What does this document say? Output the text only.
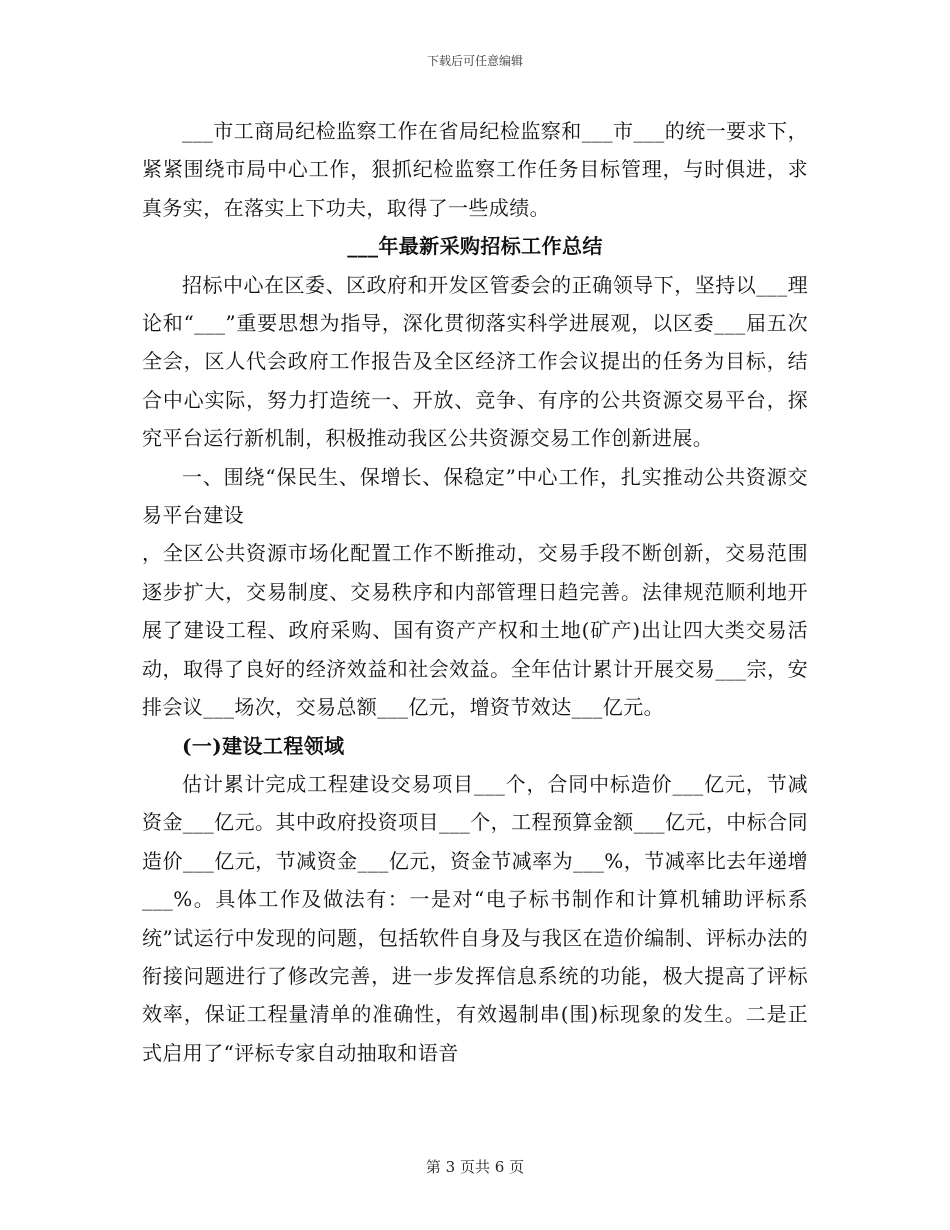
下载后可任意编辑

___市工商局纪检监察工作在省局纪检监察和___市___的统一要求下，紧紧围绕市局中心工作，狠抓纪检监察工作任务目标管理，与时俱进，求真务实，在落实上下功夫，取得了一些成绩。

___年最新采购招标工作总结

招标中心在区委、区政府和开发区管委会的正确领导下，坚持以___理论和“___”重要思想为指导，深化贯彻落实科学进展观，以区委___届五次全会，区人代会政府工作报告及全区经济工作会议提出的任务为目标，结合中心实际，努力打造统一、开放、竞争、有序的公共资源交易平台，探究平台运行新机制，积极推动我区公共资源交易工作创新进展。

一、围绕“保民生、保增长、保稳定”中心工作，扎实推动公共资源交易平台建设

，全区公共资源市场化配置工作不断推动，交易手段不断创新，交易范围逐步扩大，交易制度、交易秩序和内部管理日趋完善。法律规范顺利地开展了建设工程、政府采购、国有资产产权和土地(矿产)出让四大类交易活动，取得了良好的经济效益和社会效益。全年估计累计开展交易___宗，安排会议___场次，交易总额___亿元，增资节效达___亿元。

(一)建设工程领域

估计累计完成工程建设交易项目___个，合同中标造价___亿元，节减资金___亿元。其中政府投资项目___个，工程预算金额___亿元，中标合同造价___亿元，节减资金___亿元，资金节减率为___%，节减率比去年递增___%。具体工作及做法有：一是对“电子标书制作和计算机辅助评标系统”试运行中发现的问题，包括软件自身及与我区在造价编制、评标办法的衔接问题进行了修改完善，进一步发挥信息系统的功能，极大提高了评标效率，保证工程量清单的准确性，有效遏制串(围)标现象的发生。二是正式启用了“评标专家自动抽取和语音

第 3 页共 6 页
